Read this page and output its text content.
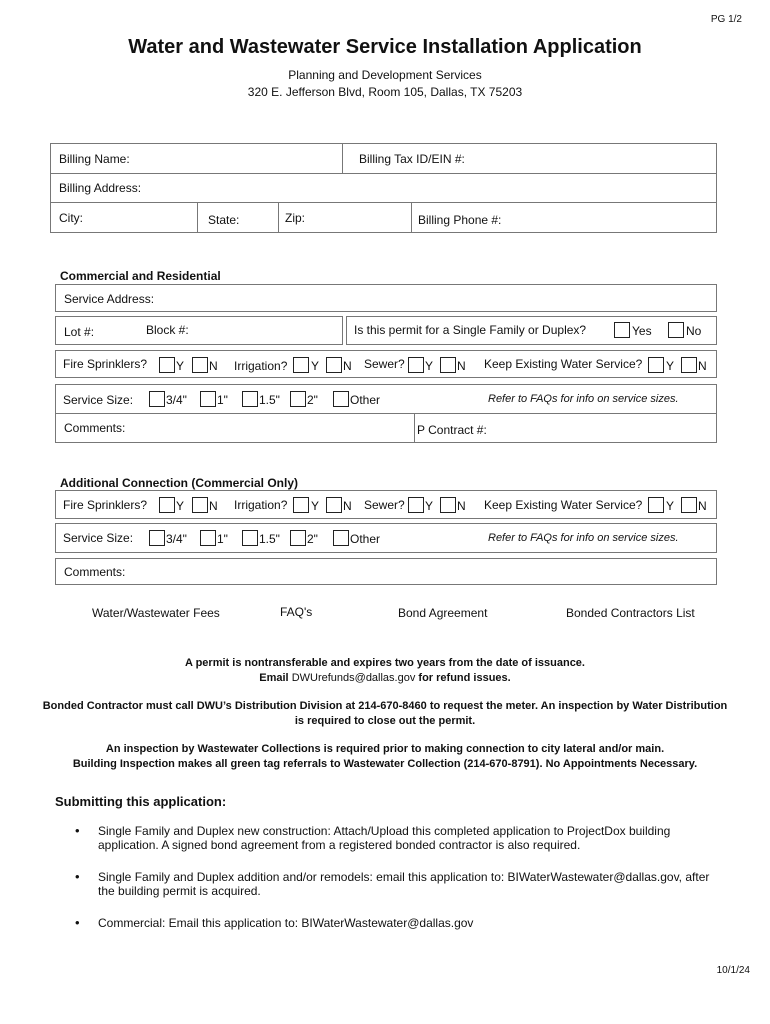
PG 1/2
Water and Wastewater Service Installation Application
Planning and Development Services
320 E. Jefferson Blvd, Room 105, Dallas, TX 75203
Billing Name:	Billing Tax ID/EIN #:
Billing Address:
City:	State:	Zip:	Billing Phone #:
Commercial and Residential
Service Address:
Lot #:	Block #:	Is this permit for a Single Family or Duplex?	Yes	No
Fire Sprinklers? Y N Irrigation? Y N Sewer? Y N Keep Existing Water Service? Y N
Service Size:	3/4"	1"	1.5" 2"	Other	Refer to FAQs for info on service sizes.
Comments:	P Contract #:
Additional Connection (Commercial Only)
Fire Sprinklers? Y N Irrigation? Y N Sewer? Y N Keep Existing Water Service? Y N
Service Size:	3/4"	1"	1.5" 2"	Other	Refer to FAQs for info on service sizes.
Comments:
Water/Wastewater Fees	FAQ's	Bond Agreement	Bonded Contractors List
A permit is nontransferable and expires two years from the date of issuance.
Email DWUrefunds@dallas.gov for refund issues.
Bonded Contractor must call DWU’s Distribution Division at 214-670-8460 to request the meter. An inspection by Water Distribution is required to close out the permit.
An inspection by Wastewater Collections is required prior to making connection to city lateral and/or main.
Building Inspection makes all green tag referrals to Wastewater Collection (214-670-8791). No Appointments Necessary.
Submitting this application:
• Single Family and Duplex new construction: Attach/Upload this completed application to ProjectDox building application. A signed bond agreement from a registered bonded contractor is also required.
• Single Family and Duplex addition and/or remodels: email this application to: BIWaterWastewater@dallas.gov, after the building permit is acquired.
• Commercial: Email this application to: BIWaterWastewater@dallas.gov
10/1/24
